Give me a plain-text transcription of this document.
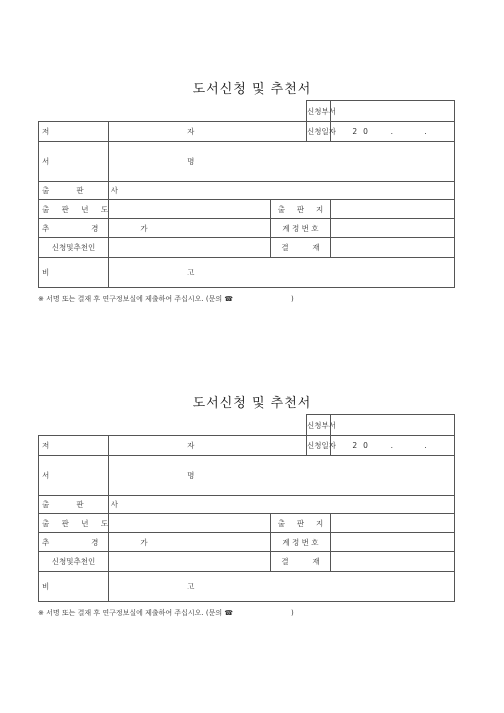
도서신청 및 추천서
			신청부서	
저                  자			신청일자	20  .   .
서                  명				
출   판   사				
출 판 년 도		출     판     지		
추     경     가		계 정 번 호		
신청및추천인		결          재		
비                  고				
※ 서명 또는 결재 후 연구정보실에 제출하여 주십시오. (문의 ☎                          )
도서신청 및 추천서
			신청부서	
저                  자			신청일자	20  .   .
서                  명				
출   판   사				
출 판 년 도		출     판     지		
추     경     가		계 정 번 호		
신청및추천인		결          재		
비                  고				
※ 서명 또는 결재 후 연구정보실에 제출하여 주십시오. (문의 ☎                          )
